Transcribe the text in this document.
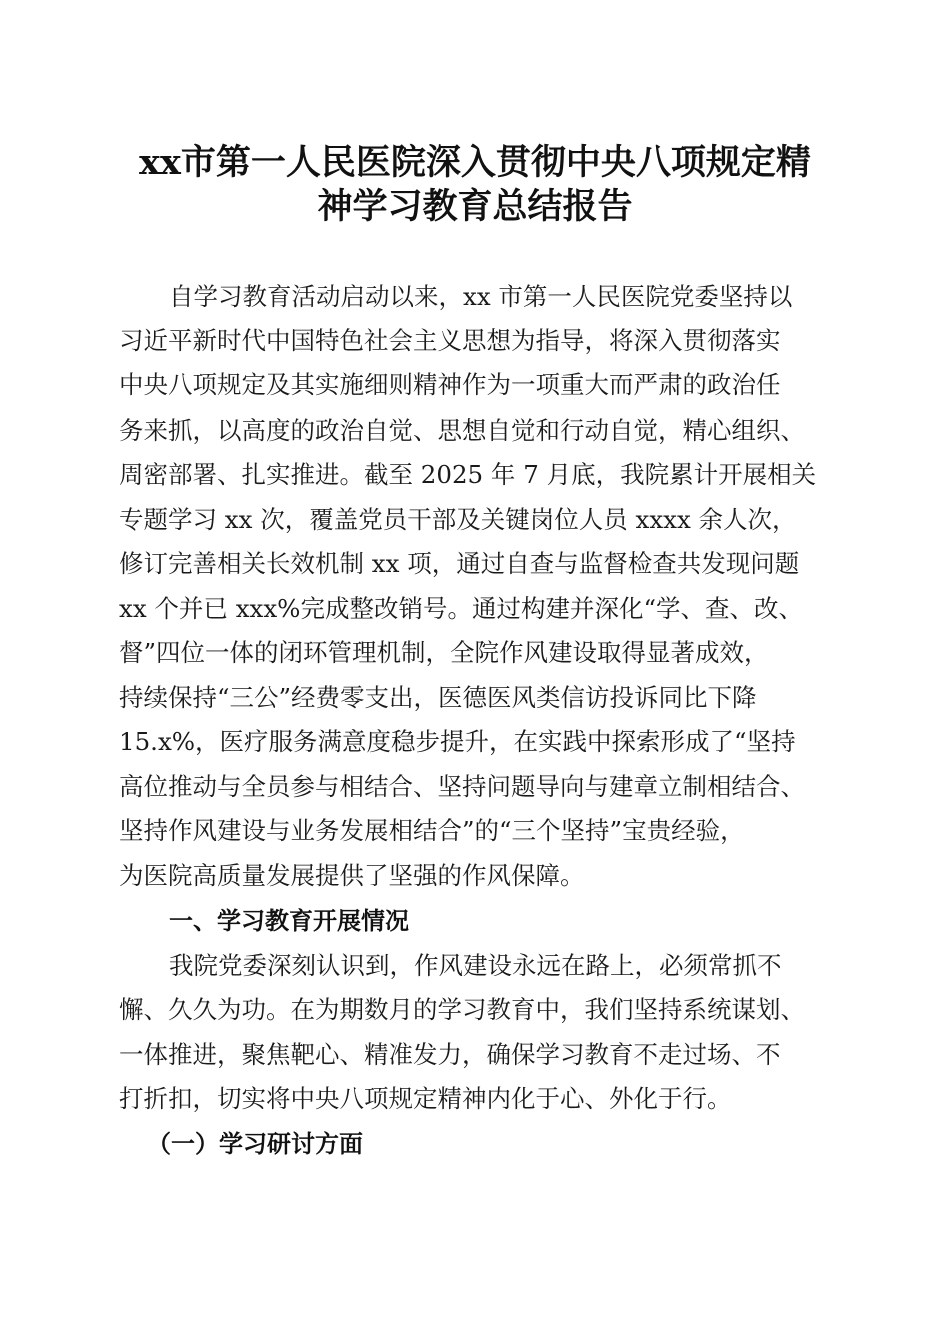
xx市第一人民医院深入贯彻中央八项规定精
神学习教育总结报告
自学习教育活动启动以来，xx 市第一人民医院党委坚持以
习近平新时代中国特色社会主义思想为指导，将深入贯彻落实
中央八项规定及其实施细则精神作为一项重大而严肃的政治任
务来抓，以高度的政治自觉、思想自觉和行动自觉，精心组织、
周密部署、扎实推进。截至 2025 年 7 月底，我院累计开展相关
专题学习 xx 次，覆盖党员干部及关键岗位人员 xxxx 余人次，
修订完善相关长效机制 xx 项，通过自查与监督检查共发现问题
xx 个并已 xxx%完成整改销号。通过构建并深化“学、查、改、
督”四位一体的闭环管理机制，全院作风建设取得显著成效，
持续保持“三公”经费零支出，医德医风类信访投诉同比下降
15.x%，医疗服务满意度稳步提升，在实践中探索形成了“坚持
高位推动与全员参与相结合、坚持问题导向与建章立制相结合、
坚持作风建设与业务发展相结合”的“三个坚持”宝贵经验，
为医院高质量发展提供了坚强的作风保障。
一、学习教育开展情况
我院党委深刻认识到，作风建设永远在路上，必须常抓不
懈、久久为功。在为期数月的学习教育中，我们坚持系统谋划、
一体推进，聚焦靶心、精准发力，确保学习教育不走过场、不
打折扣，切实将中央八项规定精神内化于心、外化于行。
（一）学习研讨方面
